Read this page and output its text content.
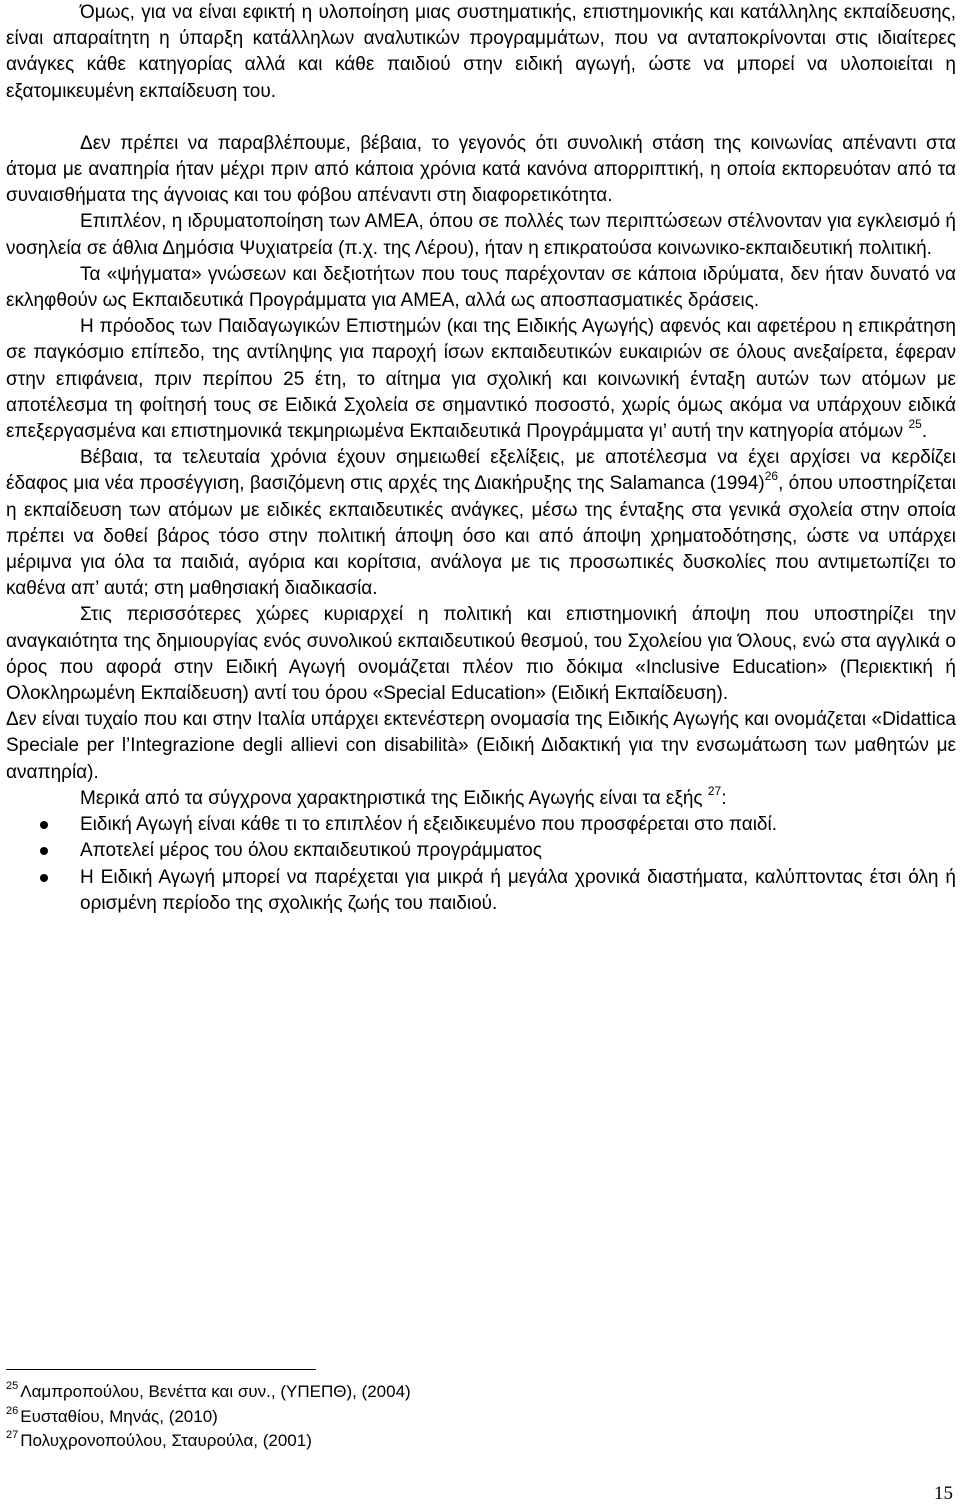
Όμως, για να είναι εφικτή η υλοποίηση μιας συστηματικής, επιστημονικής και κατάλληλης εκπαίδευσης, είναι απαραίτητη η ύπαρξη κατάλληλων αναλυτικών προγραμμάτων, που να ανταποκρίνονται στις ιδιαίτερες ανάγκες κάθε κατηγορίας αλλά και κάθε παιδιού στην ειδική αγωγή, ώστε να μπορεί να υλοποιείται η εξατομικευμένη εκπαίδευση του.

Δεν πρέπει να παραβλέπουμε, βέβαια, το γεγονός ότι συνολική στάση της κοινωνίας απέναντι στα άτομα με αναπηρία ήταν μέχρι πριν από κάποια χρόνια κατά κανόνα απορριπτική, η οποία εκπορευόταν από τα συναισθήματα της άγνοιας και του φόβου απέναντι στη διαφορετικότητα.

Επιπλέον, η ιδρυματοποίηση των ΑΜΕΑ, όπου σε πολλές των περιπτώσεων στέλνονταν για εγκλεισμό ή νοσηλεία σε άθλια Δημόσια Ψυχιατρεία (π.χ. της Λέρου), ήταν η επικρατούσα κοινωνικο-εκπαιδευτική πολιτική.

Τα «ψήγματα» γνώσεων και δεξιοτήτων που τους παρέχονταν σε κάποια ιδρύματα, δεν ήταν δυνατό να εκληφθούν ως Εκπαιδευτικά Προγράμματα για ΑΜΕΑ, αλλά ως αποσπασματικές δράσεις.

Η πρόοδος των Παιδαγωγικών Επιστημών (και της Ειδικής Αγωγής) αφενός και αφετέρου η επικράτηση σε παγκόσμιο επίπεδο, της αντίληψης για παροχή ίσων εκπαιδευτικών ευκαιριών σε όλους ανεξαίρετα, έφεραν στην επιφάνεια, πριν περίπου 25 έτη, το αίτημα για σχολική και κοινωνική ένταξη αυτών των ατόμων με αποτέλεσμα τη φοίτησή τους σε Ειδικά Σχολεία σε σημαντικό ποσοστό, χωρίς όμως ακόμα να υπάρχουν ειδικά επεξεργασμένα και επιστημονικά τεκμηριωμένα Εκπαιδευτικά Προγράμματα γι’ αυτή την κατηγορία ατόμων $^{25}$.

Βέβαια, τα τελευταία χρόνια έχουν σημειωθεί εξελίξεις, με αποτέλεσμα να έχει αρχίσει να κερδίζει έδαφος μια νέα προσέγγιση, βασιζόμενη στις αρχές της Διακήρυξης της Salamanca $(1994)^{26}$, όπου υποστηρίζεται η εκπαίδευση των ατόμων με ειδικές εκπαιδευτικές ανάγκες, μέσω της ένταξης στα γενικά σχολεία στην οποία πρέπει να δοθεί βάρος τόσο στην πολιτική άποψη όσο και από άποψη χρηματοδότησης, ώστε να υπάρχει μέριμνα για όλα τα παιδιά, αγόρια και κορίτσια, ανάλογα με τις προσωπικές δυσκολίες που αντιμετωπίζει το καθένα απ’ αυτά; στη μαθησιακή διαδικασία.

Στις περισσότερες χώρες κυριαρχεί η πολιτική και επιστημονική άποψη που υποστηρίζει την αναγκαιότητα της δημιουργίας ενός συνολικού εκπαιδευτικού θεσμού, του Σχολείου για Όλους, ενώ στα αγγλικά ο όρος που αφορά στην Ειδική Αγωγή ονομάζεται πλέον πιο δόκιμα «Inclusive Education» (Περιεκτική ή Ολοκληρωμένη Εκπαίδευση) αντί του όρου «Special Education» (Ειδική Εκπαίδευση).

Δεν είναι τυχαίο που και στην Ιταλία υπάρχει εκτενέστερη ονομασία της Ειδικής Αγωγής και ονομάζεται «Didattica Speciale per l’Integrazione degli allievi con disabilità» (Ειδική Διδακτική για την ενσωμάτωση των μαθητών με αναπηρία).

Μερικά από τα σύγχρονα χαρακτηριστικά της Ειδικής Αγωγής είναι τα εξής $^{27}$:

Ειδική Αγωγή είναι κάθε τι το επιπλέον ή εξειδικευμένο που προσφέρεται στο παιδί.
Αποτελεί μέρος του όλου εκπαιδευτικού προγράμματος
Η Ειδική Αγωγή μπορεί να παρέχεται για μικρά ή μεγάλα χρονικά διαστήματα, καλύπτοντας έτσι όλη ή ορισμένη περίοδο της σχολικής ζωής του παιδιού.
$^{25}$ Λαμπροπούλου, Βενέττα και συν., (ΥΠΕΠΘ), (2004)
$^{26}$ Ευσταθίου, Μηνάς, (2010)
$^{27}$ Πολυχρονοπούλου, Σταυρούλα, (2001)
15
